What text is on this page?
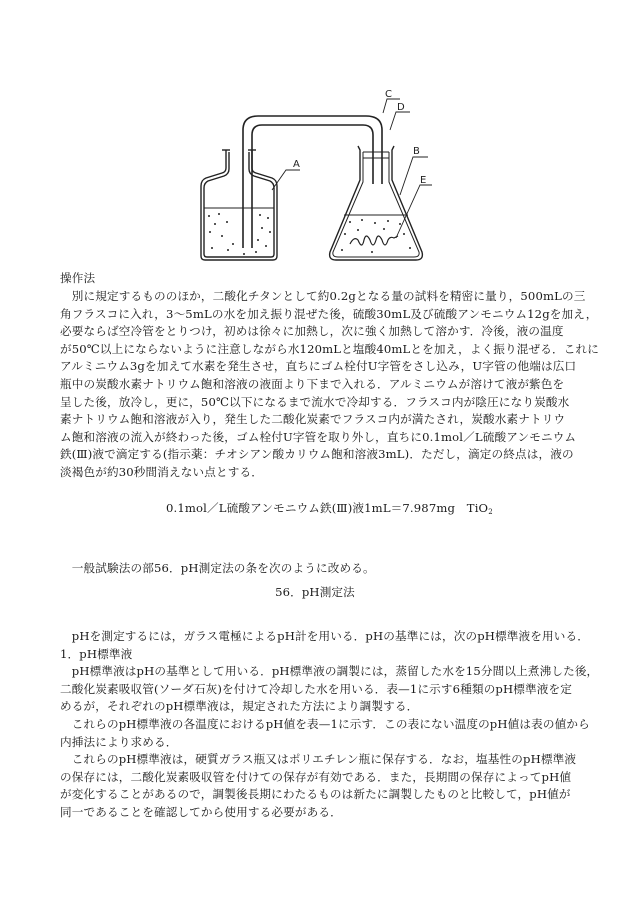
A
B
C
D
E
操作法

　別に規定するもののほか，二酸化チタンとして約0.2gとなる量の試料を精密に量り，500mLの三

角フラスコに入れ，3～5mLの水を加え振り混ぜた後，硫酸30mL及び硫酸アンモニウム12gを加え，

必要ならば空冷管をとりつけ，初めは徐々に加熱し，次に強く加熱して溶かす．冷後，液の温度

が50℃以上にならないように注意しながら水120mLと塩酸40mLとを加え，よく振り混ぜる．これに

アルミニウム3gを加えて水素を発生させ，直ちにゴム栓付U字管をさし込み，U字管の他端は広口

瓶中の炭酸水素ナトリウム飽和溶液の液面より下まで入れる．アルミニウムが溶けて液が紫色を

呈した後，放冷し，更に，50℃以下になるまで流水で冷却する．フラスコ内が陰圧になり炭酸水

素ナトリウム飽和溶液が入り，発生した二酸化炭素でフラスコ内が満たされ，炭酸水素ナトリウ

ム飽和溶液の流入が終わった後，ゴム栓付U字管を取り外し，直ちに0.1mol／L硫酸アンモニウム

鉄(Ⅲ)液で滴定する(指示薬：チオシアン酸カリウム飽和溶液3mL)．ただし，滴定の終点は，液の

淡褐色が約30秒間消えない点とする．

0.1mol／L硫酸アンモニウム鉄(Ⅲ)液1mL＝7.987mg　TiO$_2$
　一般試験法の部56．pH測定法の条を次のように改める。
56．pH測定法

　pHを測定するには，ガラス電極によるpH計を用いる．pHの基準には，次のpH標準液を用いる．

1．pH標準液

　pH標準液はpHの基準として用いる．pH標準液の調製には，蒸留した水を15分間以上煮沸した後，

二酸化炭素吸収管(ソーダ石灰)を付けて冷却した水を用いる．表—1に示す6種類のpH標準液を定

めるが，それぞれのpH標準液は，規定された方法により調製する．

　これらのpH標準液の各温度におけるpH値を表—1に示す．この表にない温度のpH値は表の値から

内挿法により求める．

　これらのpH標準液は，硬質ガラス瓶又はポリエチレン瓶に保存する．なお，塩基性のpH標準液

の保存には，二酸化炭素吸収管を付けての保存が有効である．また，長期間の保存によってpH値

が変化することがあるので，調製後長期にわたるものは新たに調製したものと比較して，pH値が

同一であることを確認してから使用する必要がある．
